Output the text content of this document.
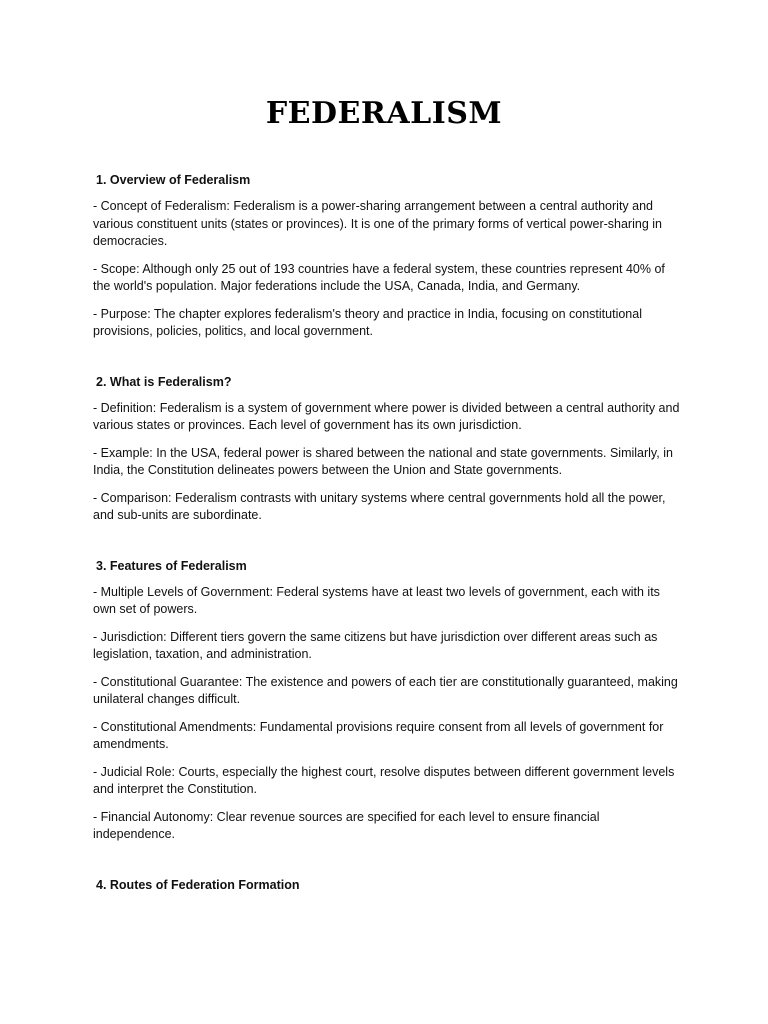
FEDERALISM
1. Overview of Federalism

- Concept of Federalism: Federalism is a power-sharing arrangement between a central authority and various constituent units (states or provinces). It is one of the primary forms of vertical power-sharing in democracies.

- Scope: Although only 25 out of 193 countries have a federal system, these countries represent 40% of the world's population. Major federations include the USA, Canada, India, and Germany.

- Purpose: The chapter explores federalism's theory and practice in India, focusing on constitutional provisions, policies, politics, and local government.

2. What is Federalism?

- Definition: Federalism is a system of government where power is divided between a central authority and various states or provinces. Each level of government has its own jurisdiction.

- Example: In the USA, federal power is shared between the national and state governments. Similarly, in India, the Constitution delineates powers between the Union and State governments.

- Comparison: Federalism contrasts with unitary systems where central governments hold all the power, and sub-units are subordinate.

3. Features of Federalism

- Multiple Levels of Government: Federal systems have at least two levels of government, each with its own set of powers.

- Jurisdiction: Different tiers govern the same citizens but have jurisdiction over different areas such as legislation, taxation, and administration.

- Constitutional Guarantee: The existence and powers of each tier are constitutionally guaranteed, making unilateral changes difficult.

- Constitutional Amendments: Fundamental provisions require consent from all levels of government for amendments.

- Judicial Role: Courts, especially the highest court, resolve disputes between different government levels and interpret the Constitution.

- Financial Autonomy: Clear revenue sources are specified for each level to ensure financial independence.

4. Routes of Federation Formation
